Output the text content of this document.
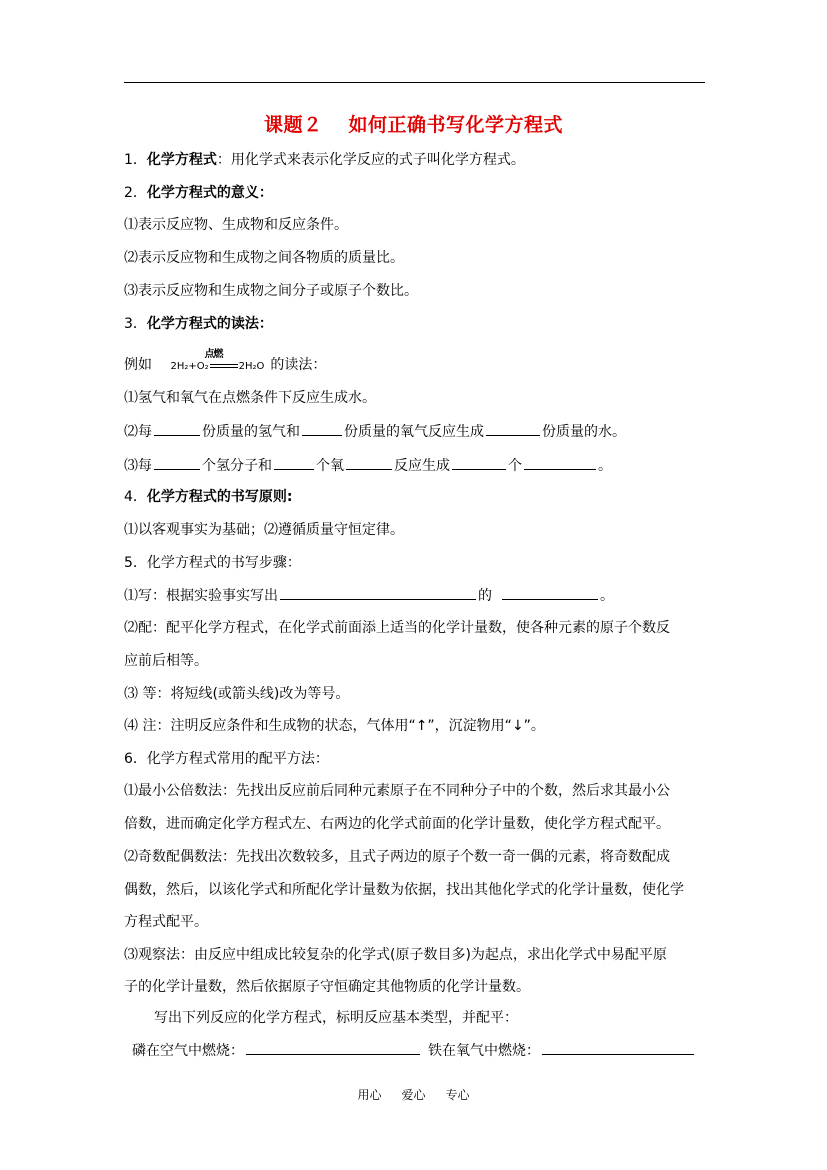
课题２ 如何正确书写化学方程式
1．化学方程式：用化学式来表示化学反应的式子叫化学方程式。
2．化学方程式的意义：
⑴表示反应物、生成物和反应条件。
⑵表示反应物和生成物之间各物质的质量比。
⑶表示反应物和生成物之间分子或原子个数比。
3．化学方程式的读法：
例如 2H₂+O₂	2H₂O
点燃
的读法：
⑴氢气和氧气在点燃条件下反应生成水。
⑵每	份质量的氢气和	份质量的氧气反应生成	份质量的水。
⑶每	个氢分子和	个氧	反应生成	个	。
4．化学方程式的书写原则:
⑴以客观事实为基础；⑵遵循质量守恒定律。
5．化学方程式的书写步骤：
⑴写：根据实验事实写出	的	。
⑵配：配平化学方程式，在化学式前面添上适当的化学计量数，使各种元素的原子个数反
应前后相等。
⑶ 等：将短线(或箭头线)改为等号。
⑷ 注：注明反应条件和生成物的状态，气体用“↑”，沉淀物用“↓”。
6．化学方程式常用的配平方法：
⑴最小公倍数法：先找出反应前后同种元素原子在不同种分子中的个数，然后求其最小公
倍数，进而确定化学方程式左、右两边的化学式前面的化学计量数，使化学方程式配平。
⑵奇数配偶数法：先找出次数较多，且式子两边的原子个数一奇一偶的元素，将奇数配成
偶数，然后，以该化学式和所配化学计量数为依据，找出其他化学式的化学计量数，使化学
方程式配平。
⑶观察法：由反应中组成比较复杂的化学式(原子数目多)为起点，求出化学式中易配平原
子的化学计量数，然后依据原子守恒确定其他物质的化学计量数。
写出下列反应的化学方程式，标明反应基本类型，并配平：
磷在空气中燃烧：	铁在氧气中燃烧：
用心 爱心 专心
